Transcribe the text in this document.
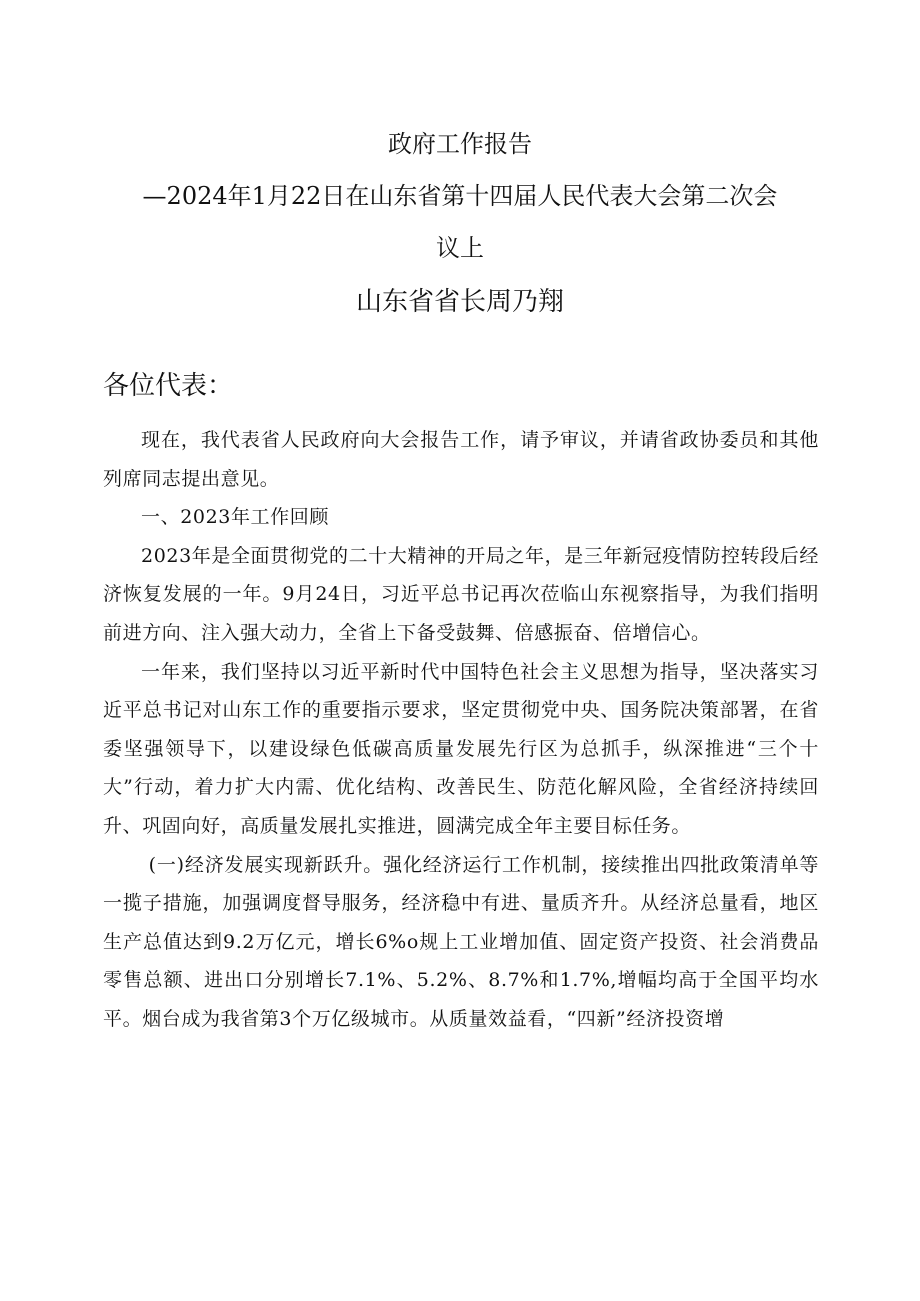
政府工作报告
—2024年1月22日在山东省第十四届人民代表大会第二次会
议上
山东省省长周乃翔
各位代表：

现在，我代表省人民政府向大会报告工作，请予审议，并请省政协委员和其他列席同志提出意见。

一、2023年工作回顾

2023年是全面贯彻党的二十大精神的开局之年，是三年新冠疫情防控转段后经济恢复发展的一年。9月24日，习近平总书记再次莅临山东视察指导，为我们指明前进方向、注入强大动力，全省上下备受鼓舞、倍感振奋、倍增信心。

一年来，我们坚持以习近平新时代中国特色社会主义思想为指导，坚决落实习近平总书记对山东工作的重要指示要求，坚定贯彻党中央、国务院决策部署，在省委坚强领导下，以建设绿色低碳高质量发展先行区为总抓手，纵深推进“三个十大”行动，着力扩大内需、优化结构、改善民生、防范化解风险，全省经济持续回升、巩固向好，高质量发展扎实推进，圆满完成全年主要目标任务。

(一)经济发展实现新跃升。强化经济运行工作机制，接续推出四批政策清单等一揽子措施，加强调度督导服务，经济稳中有进、量质齐升。从经济总量看，地区生产总值达到9.2万亿元，增长6%o规上工业增加值、固定资产投资、社会消费品零售总额、进出口分别增长7.1%、5.2%、8.7%和1.7%,增幅均高于全国平均水平。烟台成为我省第3个万亿级城市。从质量效益看，“四新”经济投资增
